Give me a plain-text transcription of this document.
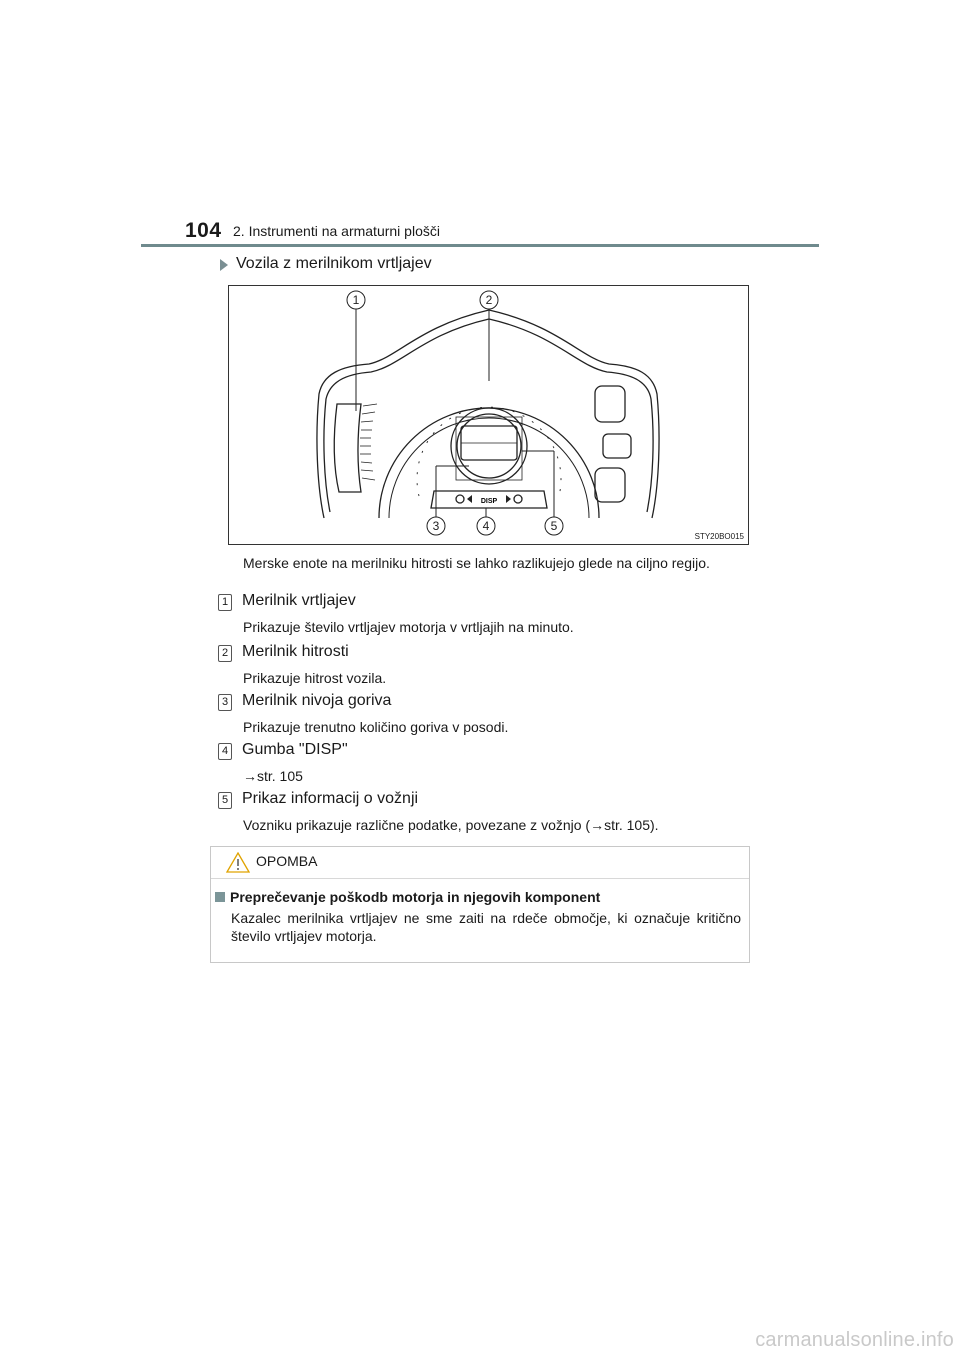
104 2. Instrumenti na armaturni plošči
Vozila z merilnikom vrtljajev
DISP
1	2
3	4	5
STY20BO015
Merske enote na merilniku hitrosti se lahko razlikujejo glede na ciljno regijo.
1 Merilnik vrtljajev
Prikazuje število vrtljajev motorja v vrtljajih na minuto.
2 Merilnik hitrosti
Prikazuje hitrost vozila.
3 Merilnik nivoja goriva
Prikazuje trenutno količino goriva v posodi.
4 Gumba "DISP"
→str. 105
5 Prikaz informacij o vožnji
Vozniku prikazuje različne podatke, povezane z vožnjo (→str. 105).
OPOMBA
Preprečevanje poškodb motorja in njegovih komponent
Kazalec merilnika vrtljajev ne sme zaiti na rdeče območje, ki označuje kritično število vrtljajev motorja.
carmanualsonline.info
